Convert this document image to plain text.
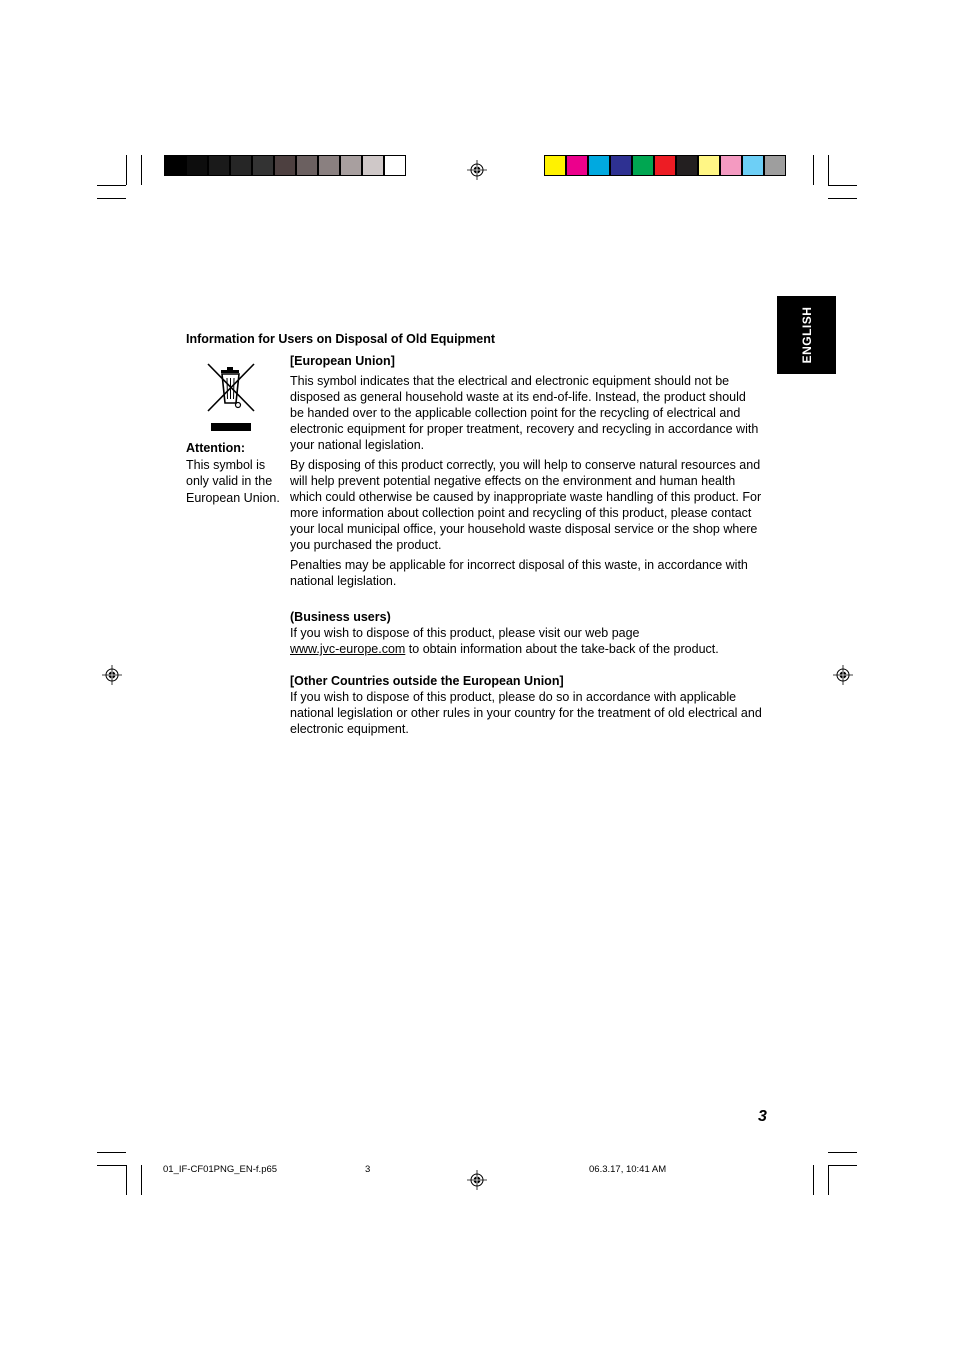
ENGLISH
Information for Users on Disposal of Old Equipment
Attention:
This symbol is only valid in the European Union.

[European Union]

This symbol indicates that the electrical and electronic equipment should not be disposed as general household waste at its end-of-life. Instead, the product should be handed over to the applicable collection point for the recycling of electrical and electronic equipment for proper treatment, recovery and recycling in accordance with your national legislation.

By disposing of this product correctly, you will help to conserve natural resources and will help prevent potential negative effects on the environment and human health which could otherwise be caused by inappropriate waste handling of this product. For more information about collection point and recycling of this product, please contact your local municipal office, your household waste disposal service or the shop where you purchased the product.

Penalties may be applicable for incorrect disposal of this waste, in accordance with national legislation.

(Business users)
If you wish to dispose of this product, please visit our web page
www.jvc-europe.com to obtain information about the take-back of the product.
[Other Countries outside the European Union]
If you wish to dispose of this product, please do so in accordance with applicable national legislation or other rules in your country for the treatment of old electrical and electronic equipment.
3
01_IF-CF01PNG_EN-f.p65	3	06.3.17, 10:41 AM
